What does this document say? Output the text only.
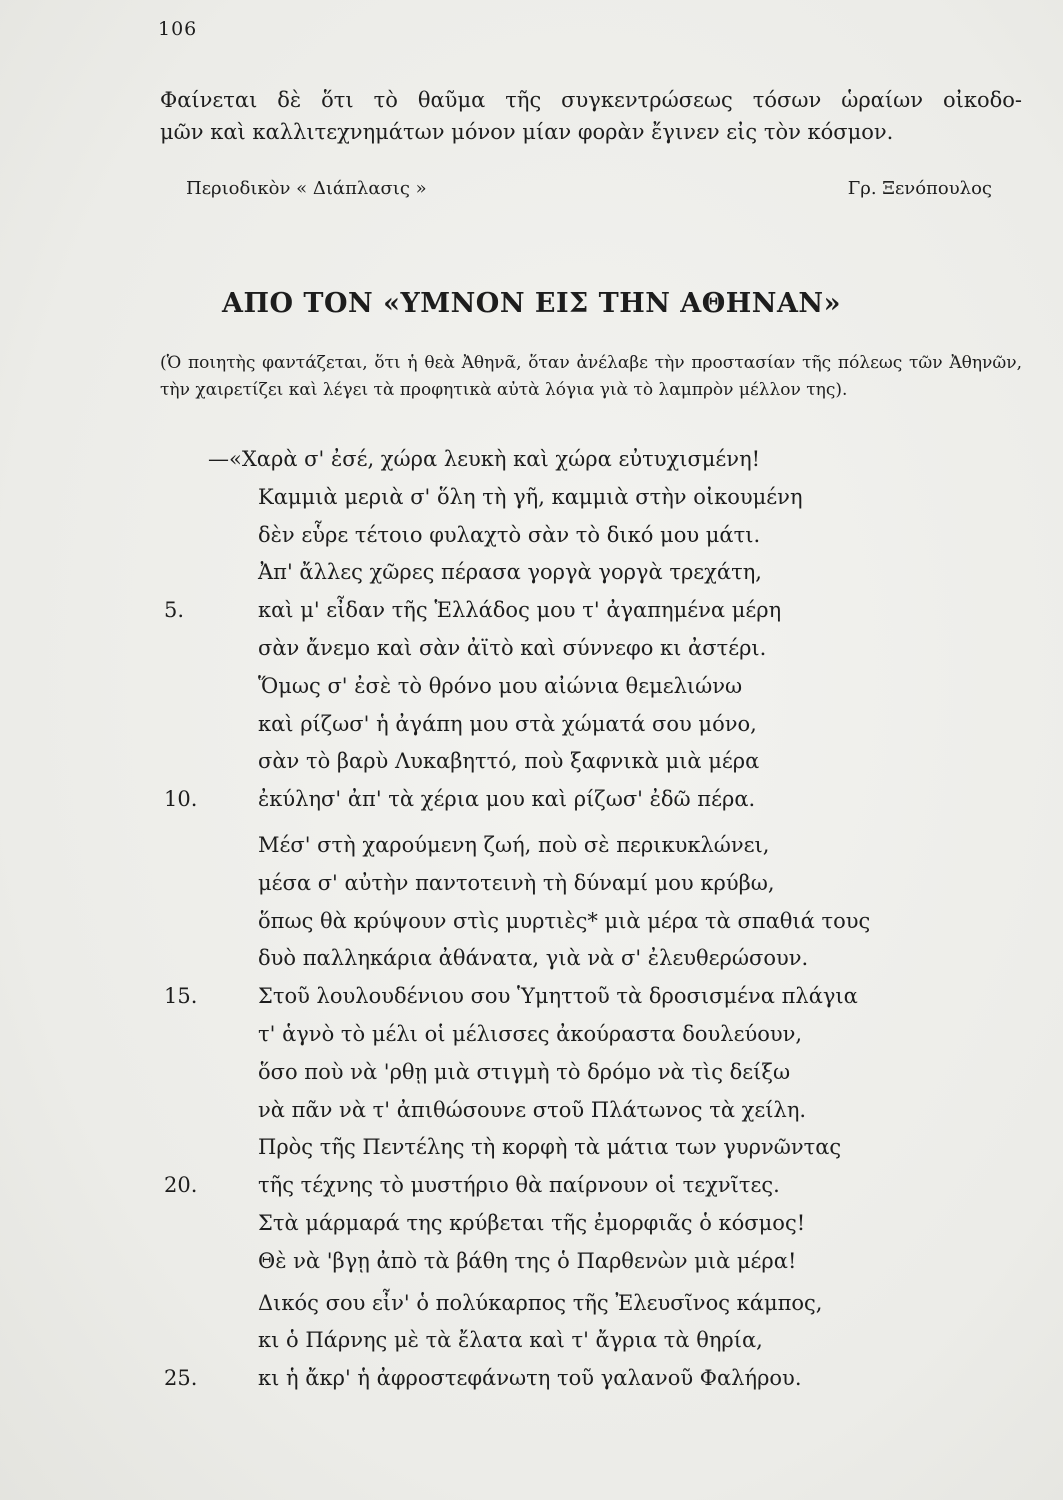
106

Φαίνεται δὲ ὅτι τὸ θαῦμα τῆς συγκεντρώσεως τόσων ὡραίων οἰκοδο-

μῶν καὶ καλλιτεχνημάτων μόνον μίαν φορὰν ἔγινεν εἰς τὸν κόσμον.

Περιοδικὸν « Διάπλασις »	Γρ. Ξενόπουλος
ΑΠΟ ΤΟΝ «ΥΜΝΟΝ ΕΙΣ ΤΗΝ ΑΘΗΝΑΝ»

(Ὁ ποιητὴς φαντάζεται, ὅτι ἡ θεὰ Ἀθηνᾶ, ὅταν ἀνέλαβε τὴν προστασίαν τῆς πόλεως τῶν Ἀθηνῶν, τὴν χαιρετίζει καὶ λέγει τὰ προφητικὰ αὐτὰ λόγια γιὰ τὸ λαμπρὸν μέλλον της).

—«Χαρὰ σ' ἐσέ, χώρα λευκὴ καὶ χώρα εὐτυχισμένη!
Καμμιὰ μεριὰ σ' ὅλη τὴ γῆ, καμμιὰ στὴν οἰκουμένη
δὲν εὗρε τέτοιο φυλαχτὸ σὰν τὸ δικό μου μάτι.
Ἀπ' ἄλλες χῶρες πέρασα γοργὰ γοργὰ τρεχάτη,
5.	καὶ μ' εἶδαν τῆς Ἑλλάδος μου τ' ἀγαπημένα μέρη
σὰν ἄνεμο καὶ σὰν ἀϊτὸ καὶ σύννεφο κι ἀστέρι.
Ὅμως σ' ἐσὲ τὸ θρόνο μου αἰώνια θεμελιώνω
καὶ ρίζωσ' ἡ ἀγάπη μου στὰ χώματά σου μόνο,
σὰν τὸ βαρὺ Λυκαβηττό, ποὺ ξαφνικὰ μιὰ μέρα
10.	ἐκύλησ' ἀπ' τὰ χέρια μου καὶ ρίζωσ' ἐδῶ πέρα.
Μέσ' στὴ χαρούμενη ζωή, ποὺ σὲ περικυκλώνει,
μέσα σ' αὐτὴν παντοτεινὴ τὴ δύναμί μου κρύβω,
ὅπως θὰ κρύψουν στὶς μυρτιὲς* μιὰ μέρα τὰ σπαθιά τους
δυὸ παλληκάρια ἀθάνατα, γιὰ νὰ σ' ἐλευθερώσουν.
15.	Στοῦ λουλουδένιου σου Ὑμηττοῦ τὰ δροσισμένα πλάγια
τ' ἁγνὸ τὸ μέλι οἱ μέλισσες ἀκούραστα δουλεύουν,
ὅσο ποὺ νὰ 'ρθῃ μιὰ στιγμὴ τὸ δρόμο νὰ τὶς δείξω
νὰ πᾶν νὰ τ' ἀπιθώσουνε στοῦ Πλάτωνος τὰ χείλη.
Πρὸς τῆς Πεντέλης τὴ κορφὴ τὰ μάτια των γυρνῶντας
20.	τῆς τέχνης τὸ μυστήριο θὰ παίρνουν οἱ τεχνῖτες.
Στὰ μάρμαρά της κρύβεται τῆς ἐμορφιᾶς ὁ κόσμος!
Θὲ νὰ 'βγῃ ἀπὸ τὰ βάθη της ὁ Παρθενὼν μιὰ μέρα!
Δικός σου εἶν' ὁ πολύκαρπος τῆς Ἐλευσῖνος κάμπος,
κι ὁ Πάρνης μὲ τὰ ἔλατα καὶ τ' ἄγρια τὰ θηρία,
25.	κι ἡ ἄκρ' ἡ ἀφροστεφάνωτη τοῦ γαλανοῦ Φαλήρου.
